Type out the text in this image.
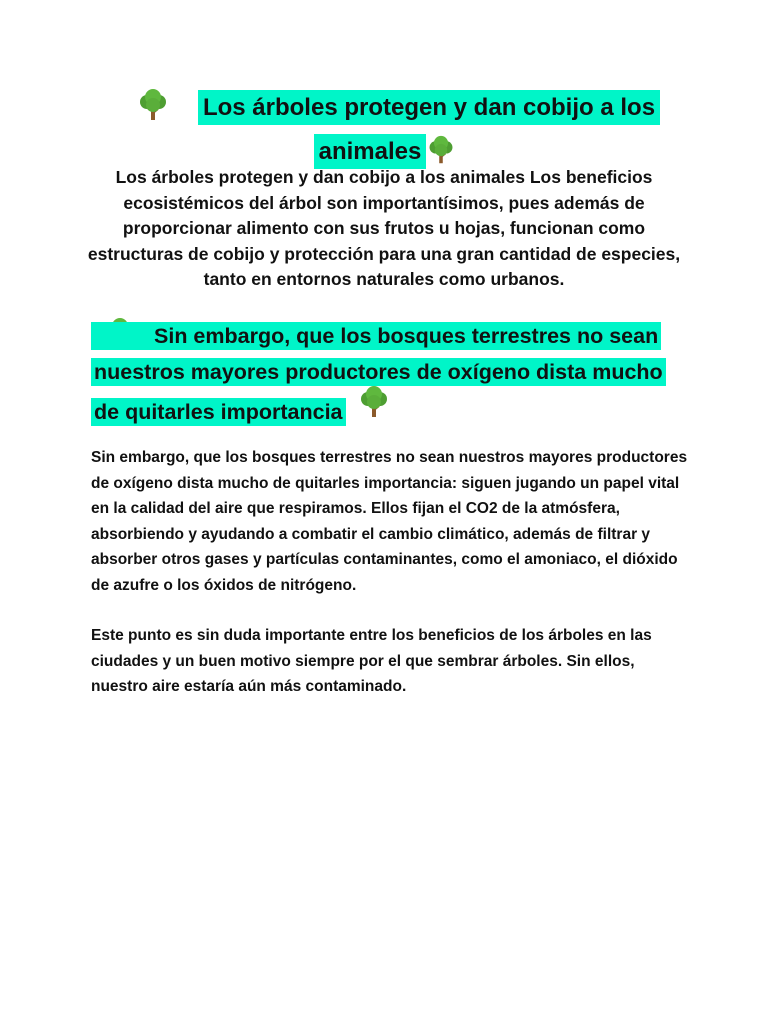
Los árboles protegen y dan cobijo a los
animales

Los árboles protegen y dan cobijo a los animales Los beneficios ecosistémicos del árbol son importantísimos, pues además de proporcionar alimento con sus frutos u hojas, funcionan como estructuras de cobijo y protección para una gran cantidad de especies, tanto en entornos naturales como urbanos.

Sin embargo, que los bosques terrestres no sean
nuestros mayores productores de oxígeno dista mucho
de quitarles importancia

Sin embargo, que los bosques terrestres no sean nuestros mayores productores de oxígeno dista mucho de quitarles importancia: siguen jugando un papel vital en la calidad del aire que respiramos. Ellos fijan el CO2 de la atmósfera, absorbiendo y ayudando a combatir el cambio climático, además de filtrar y absorber otros gases y partículas contaminantes, como el amoniaco, el dióxido de azufre o los óxidos de nitrógeno.

Este punto es sin duda importante entre los beneficios de los árboles en las ciudades y un buen motivo siempre por el que sembrar árboles. Sin ellos, nuestro aire estaría aún más contaminado.
